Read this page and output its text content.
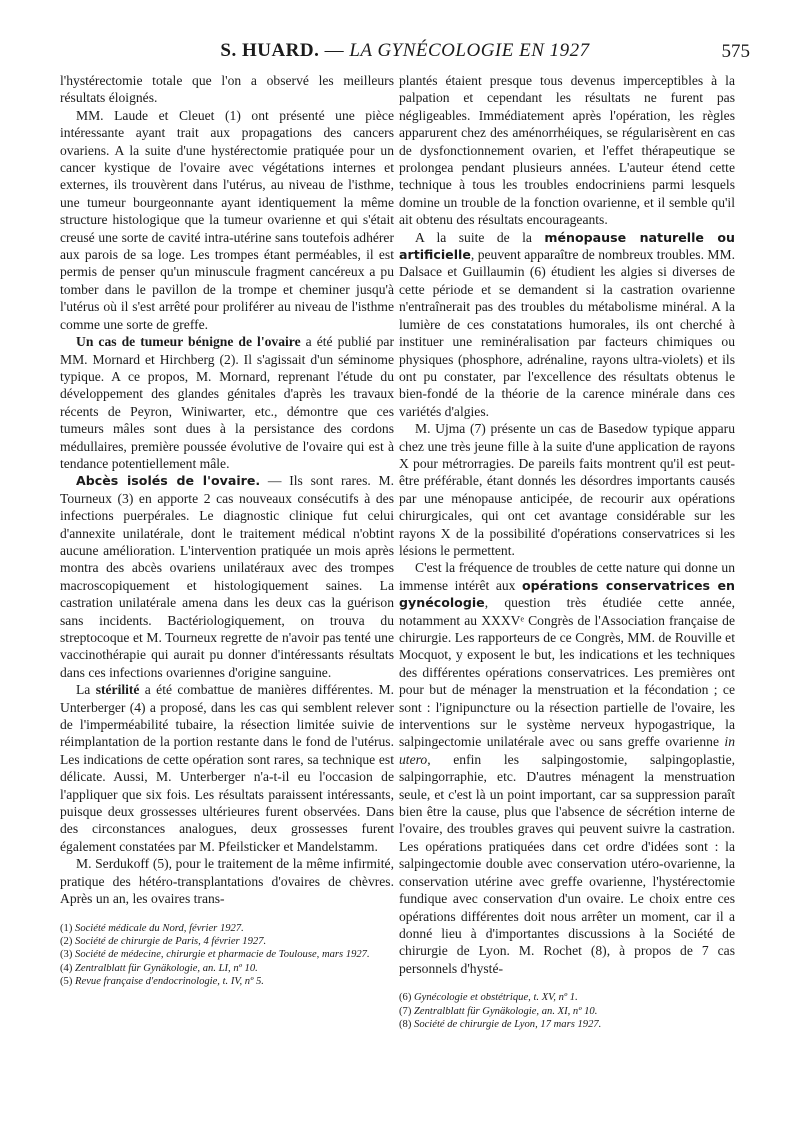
S. HUARD. — LA GYNÉCOLOGIE EN 1927	575

l'hystérectomie totale que l'on a observé les meilleurs résultats éloignés.

MM. Laude et Cleuet (1) ont présenté une pièce intéressante ayant trait aux propagations des cancers ovariens. A la suite d'une hystérectomie pratiquée pour un cancer kystique de l'ovaire avec végétations internes et externes, ils trouvèrent dans l'utérus, au niveau de l'isthme, une tumeur bourgeonnante ayant identiquement la même structure histologique que la tumeur ovarienne et qui s'était creusé une sorte de cavité intra-utérine sans toutefois adhérer aux parois de sa loge. Les trompes étant perméables, il est permis de penser qu'un minuscule fragment cancéreux a pu tomber dans le pavillon de la trompe et cheminer jusqu'à l'utérus où il s'est arrêté pour proliférer au niveau de l'isthme comme une sorte de greffe.

Un cas de tumeur bénigne de l'ovaire a été publié par MM. Mornard et Hirchberg (2). Il s'agissait d'un séminome typique. A ce propos, M. Mornard, reprenant l'étude du développement des glandes génitales d'après les travaux récents de Peyron, Winiwarter, etc., démontre que ces tumeurs mâles sont dues à la persistance des cordons médullaires, première poussée évolutive de l'ovaire qui est à tendance potentiellement mâle.

Abcès isolés de l'ovaire. — Ils sont rares. M. Tourneux (3) en apporte 2 cas nouveaux consécutifs à des infections puerpérales. Le diagnostic clinique fut celui d'annexite unilatérale, dont le traitement médical n'obtint aucune amélioration. L'intervention pratiquée un mois après montra des abcès ovariens unilatéraux avec des trompes macroscopiquement et histologiquement saines. La castration unilatérale amena dans les deux cas la guérison sans incidents. Bactériologiquement, on trouva du streptocoque et M. Tourneux regrette de n'avoir pas tenté une vaccinothérapie qui aurait pu donner d'intéressants résultats dans ces infections ovariennes d'origine sanguine.

La stérilité a été combattue de manières différentes. M. Unterberger (4) a proposé, dans les cas qui semblent relever de l'imperméabilité tubaire, la résection limitée suivie de réimplantation de la portion restante dans le fond de l'utérus. Les indications de cette opération sont rares, sa technique est délicate. Aussi, M. Unterberger n'a-t-il eu l'occasion de l'appliquer que six fois. Les résultats paraissent intéressants, puisque deux grossesses ultérieures furent observées. Dans des circonstances analogues, deux grossesses furent également constatées par M. Pfeilsticker et Mandelstamm.

M. Serdukoff (5), pour le traitement de la même infirmité, pratique des hétéro-transplantations d'ovaires de chèvres. Après un an, les ovaires trans-

(1) Société médicale du Nord, février 1927.

(2) Société de chirurgie de Paris, 4 février 1927.

(3) Société de médecine, chirurgie et pharmacie de Toulouse, mars 1927.

(4) Zentralblatt für Gynäkologie, an. LI, nº 10.

(5) Revue française d'endocrinologie, t. IV, nº 5.

plantés étaient presque tous devenus imperceptibles à la palpation et cependant les résultats ne furent pas négligeables. Immédiatement après l'opération, les règles apparurent chez des aménorrhéiques, se régularisèrent en cas de dysfonctionnement ovarien, et l'effet thérapeutique se prolongea pendant plusieurs années. L'auteur étend cette technique à tous les troubles endocriniens parmi lesquels domine un trouble de la fonction ovarienne, et il semble qu'il ait obtenu des résultats encourageants.

A la suite de la ménopause naturelle ou artificielle, peuvent apparaître de nombreux troubles. MM. Dalsace et Guillaumin (6) étudient les algies si diverses de cette période et se demandent si la castration ovarienne n'entraînerait pas des troubles du métabolisme minéral. A la lumière de ces constatations humorales, ils ont cherché à instituer une reminéralisation par facteurs chimiques ou physiques (phosphore, adrénaline, rayons ultra-violets) et ils ont pu constater, par l'excellence des résultats obtenus le bien-fondé de la théorie de la carence minérale dans ces variétés d'algies.

M. Ujma (7) présente un cas de Basedow typique apparu chez une très jeune fille à la suite d'une application de rayons X pour métrorragies. De pareils faits montrent qu'il est peut-être préférable, étant donnés les désordres importants causés par une ménopause anticipée, de recourir aux opérations chirurgicales, qui ont cet avantage considérable sur les rayons X de la possibilité d'opérations conservatrices si les lésions le permettent.

C'est la fréquence de troubles de cette nature qui donne un immense intérêt aux opérations conservatrices en gynécologie, question très étudiée cette année, notamment au XXXVᵉ Congrès de l'Association française de chirurgie. Les rapporteurs de ce Congrès, MM. de Rouville et Mocquot, y exposent le but, les indications et les techniques des différentes opérations conservatrices. Les premières ont pour but de ménager la menstruation et la fécondation ; ce sont : l'ignipuncture ou la résection partielle de l'ovaire, les interventions sur le système nerveux hypogastrique, la salpingectomie unilatérale avec ou sans greffe ovarienne in utero, enfin les salpingostomie, salpingoplastie, salpingorraphie, etc. D'autres ménagent la menstruation seule, et c'est là un point important, car sa suppression paraît bien être la cause, plus que l'absence de sécrétion interne de l'ovaire, des troubles graves qui peuvent suivre la castration. Les opérations pratiquées dans cet ordre d'idées sont : la salpingectomie double avec conservation utéro-ovarienne, la conservation utérine avec greffe ovarienne, l'hystérectomie fundique avec conservation d'un ovaire. Le choix entre ces opérations différentes doit nous arrêter un moment, car il a donné lieu à d'importantes discussions à la Société de chirurgie de Lyon. M. Rochet (8), à propos de 7 cas personnels d'hysté-

(6) Gynécologie et obstétrique, t. XV, nº 1.

(7) Zentralblatt für Gynäkologie, an. XI, nº 10.

(8) Société de chirurgie de Lyon, 17 mars 1927.
